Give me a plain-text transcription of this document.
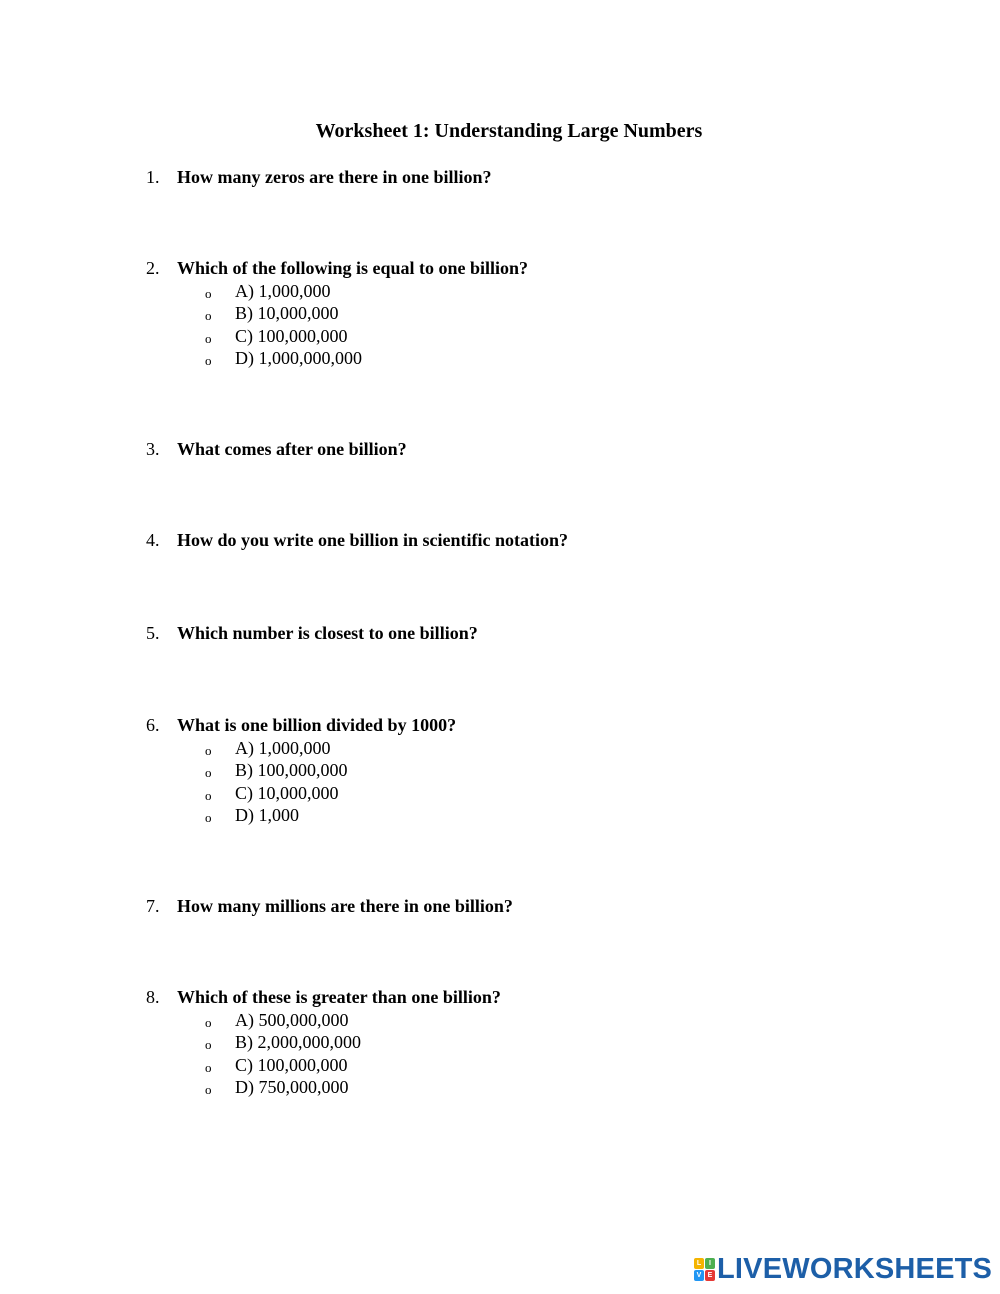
Worksheet 1: Understanding Large Numbers
1. How many zeros are there in one billion?
2. Which of the following is equal to one billion?
o A) 1,000,000
o B) 10,000,000
o C) 100,000,000
o D) 1,000,000,000
3. What comes after one billion?
4. How do you write one billion in scientific notation?
5. Which number is closest to one billion?
6. What is one billion divided by 1000?
o A) 1,000,000
o B) 100,000,000
o C) 10,000,000
o D) 1,000
7. How many millions are there in one billion?
8. Which of these is greater than one billion?
o A) 500,000,000
o B) 2,000,000,000
o C) 100,000,000
o D) 750,000,000
L	I
V E LIVEWORKSHEETS
